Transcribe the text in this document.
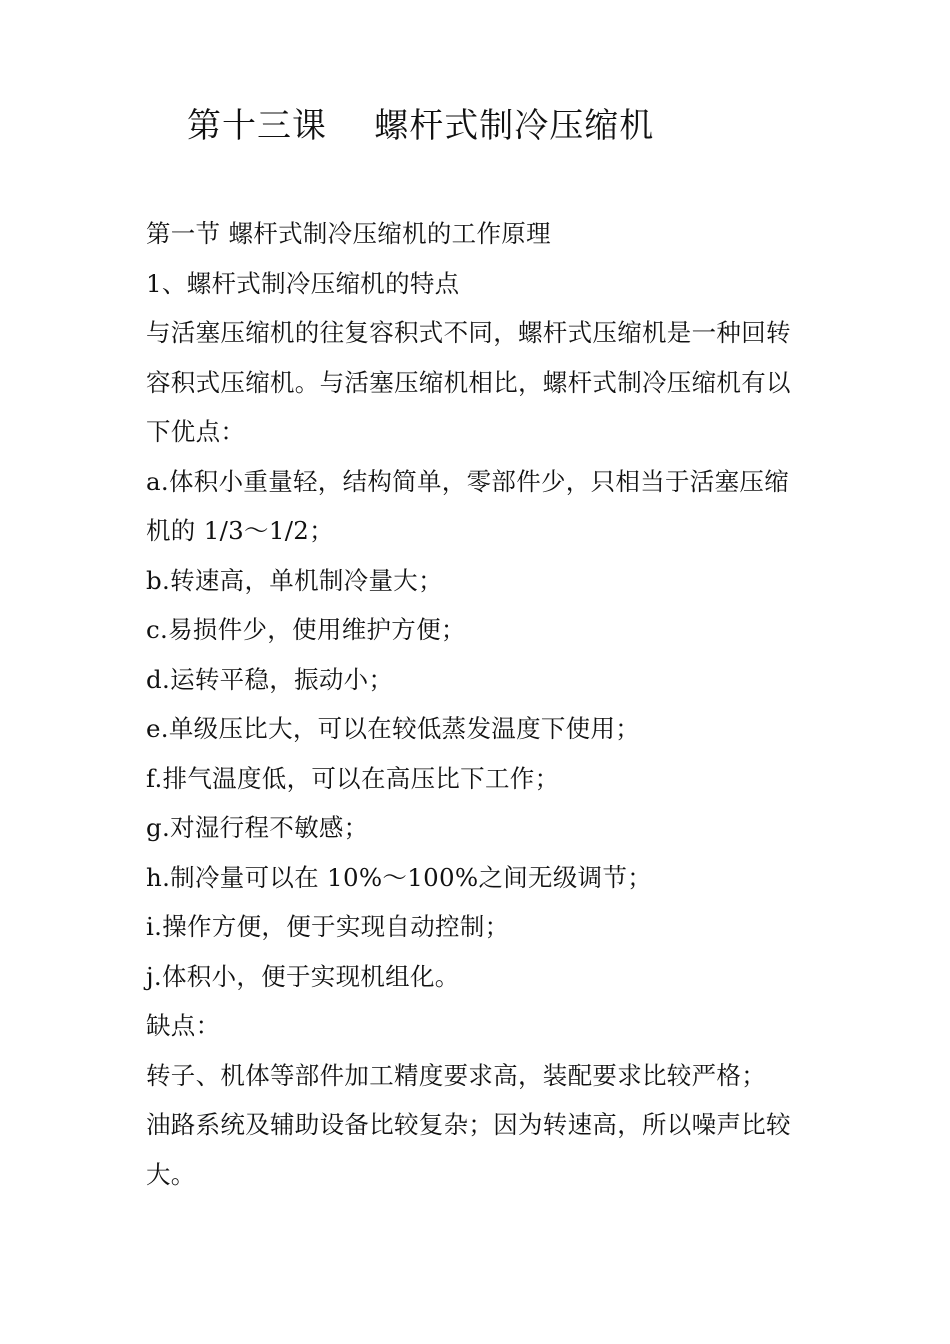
第十三课    螺杆式制冷压缩机
第一节 螺杆式制冷压缩机的工作原理
1、螺杆式制冷压缩机的特点
与活塞压缩机的往复容积式不同，螺杆式压缩机是一种回转
容积式压缩机。与活塞压缩机相比，螺杆式制冷压缩机有以
下优点：
a.体积小重量轻，结构简单，零部件少，只相当于活塞压缩
机的 1/3～1/2；
b.转速高，单机制冷量大；
c.易损件少，使用维护方便；
d.运转平稳，振动小；
e.单级压比大，可以在较低蒸发温度下使用；
f.排气温度低，可以在高压比下工作；
g.对湿行程不敏感；
h.制冷量可以在 10%～100%之间无级调节；
i.操作方便，便于实现自动控制；
j.体积小，便于实现机组化。
缺点：
转子、机体等部件加工精度要求高，装配要求比较严格；
油路系统及辅助设备比较复杂；因为转速高，所以噪声比较
大。
